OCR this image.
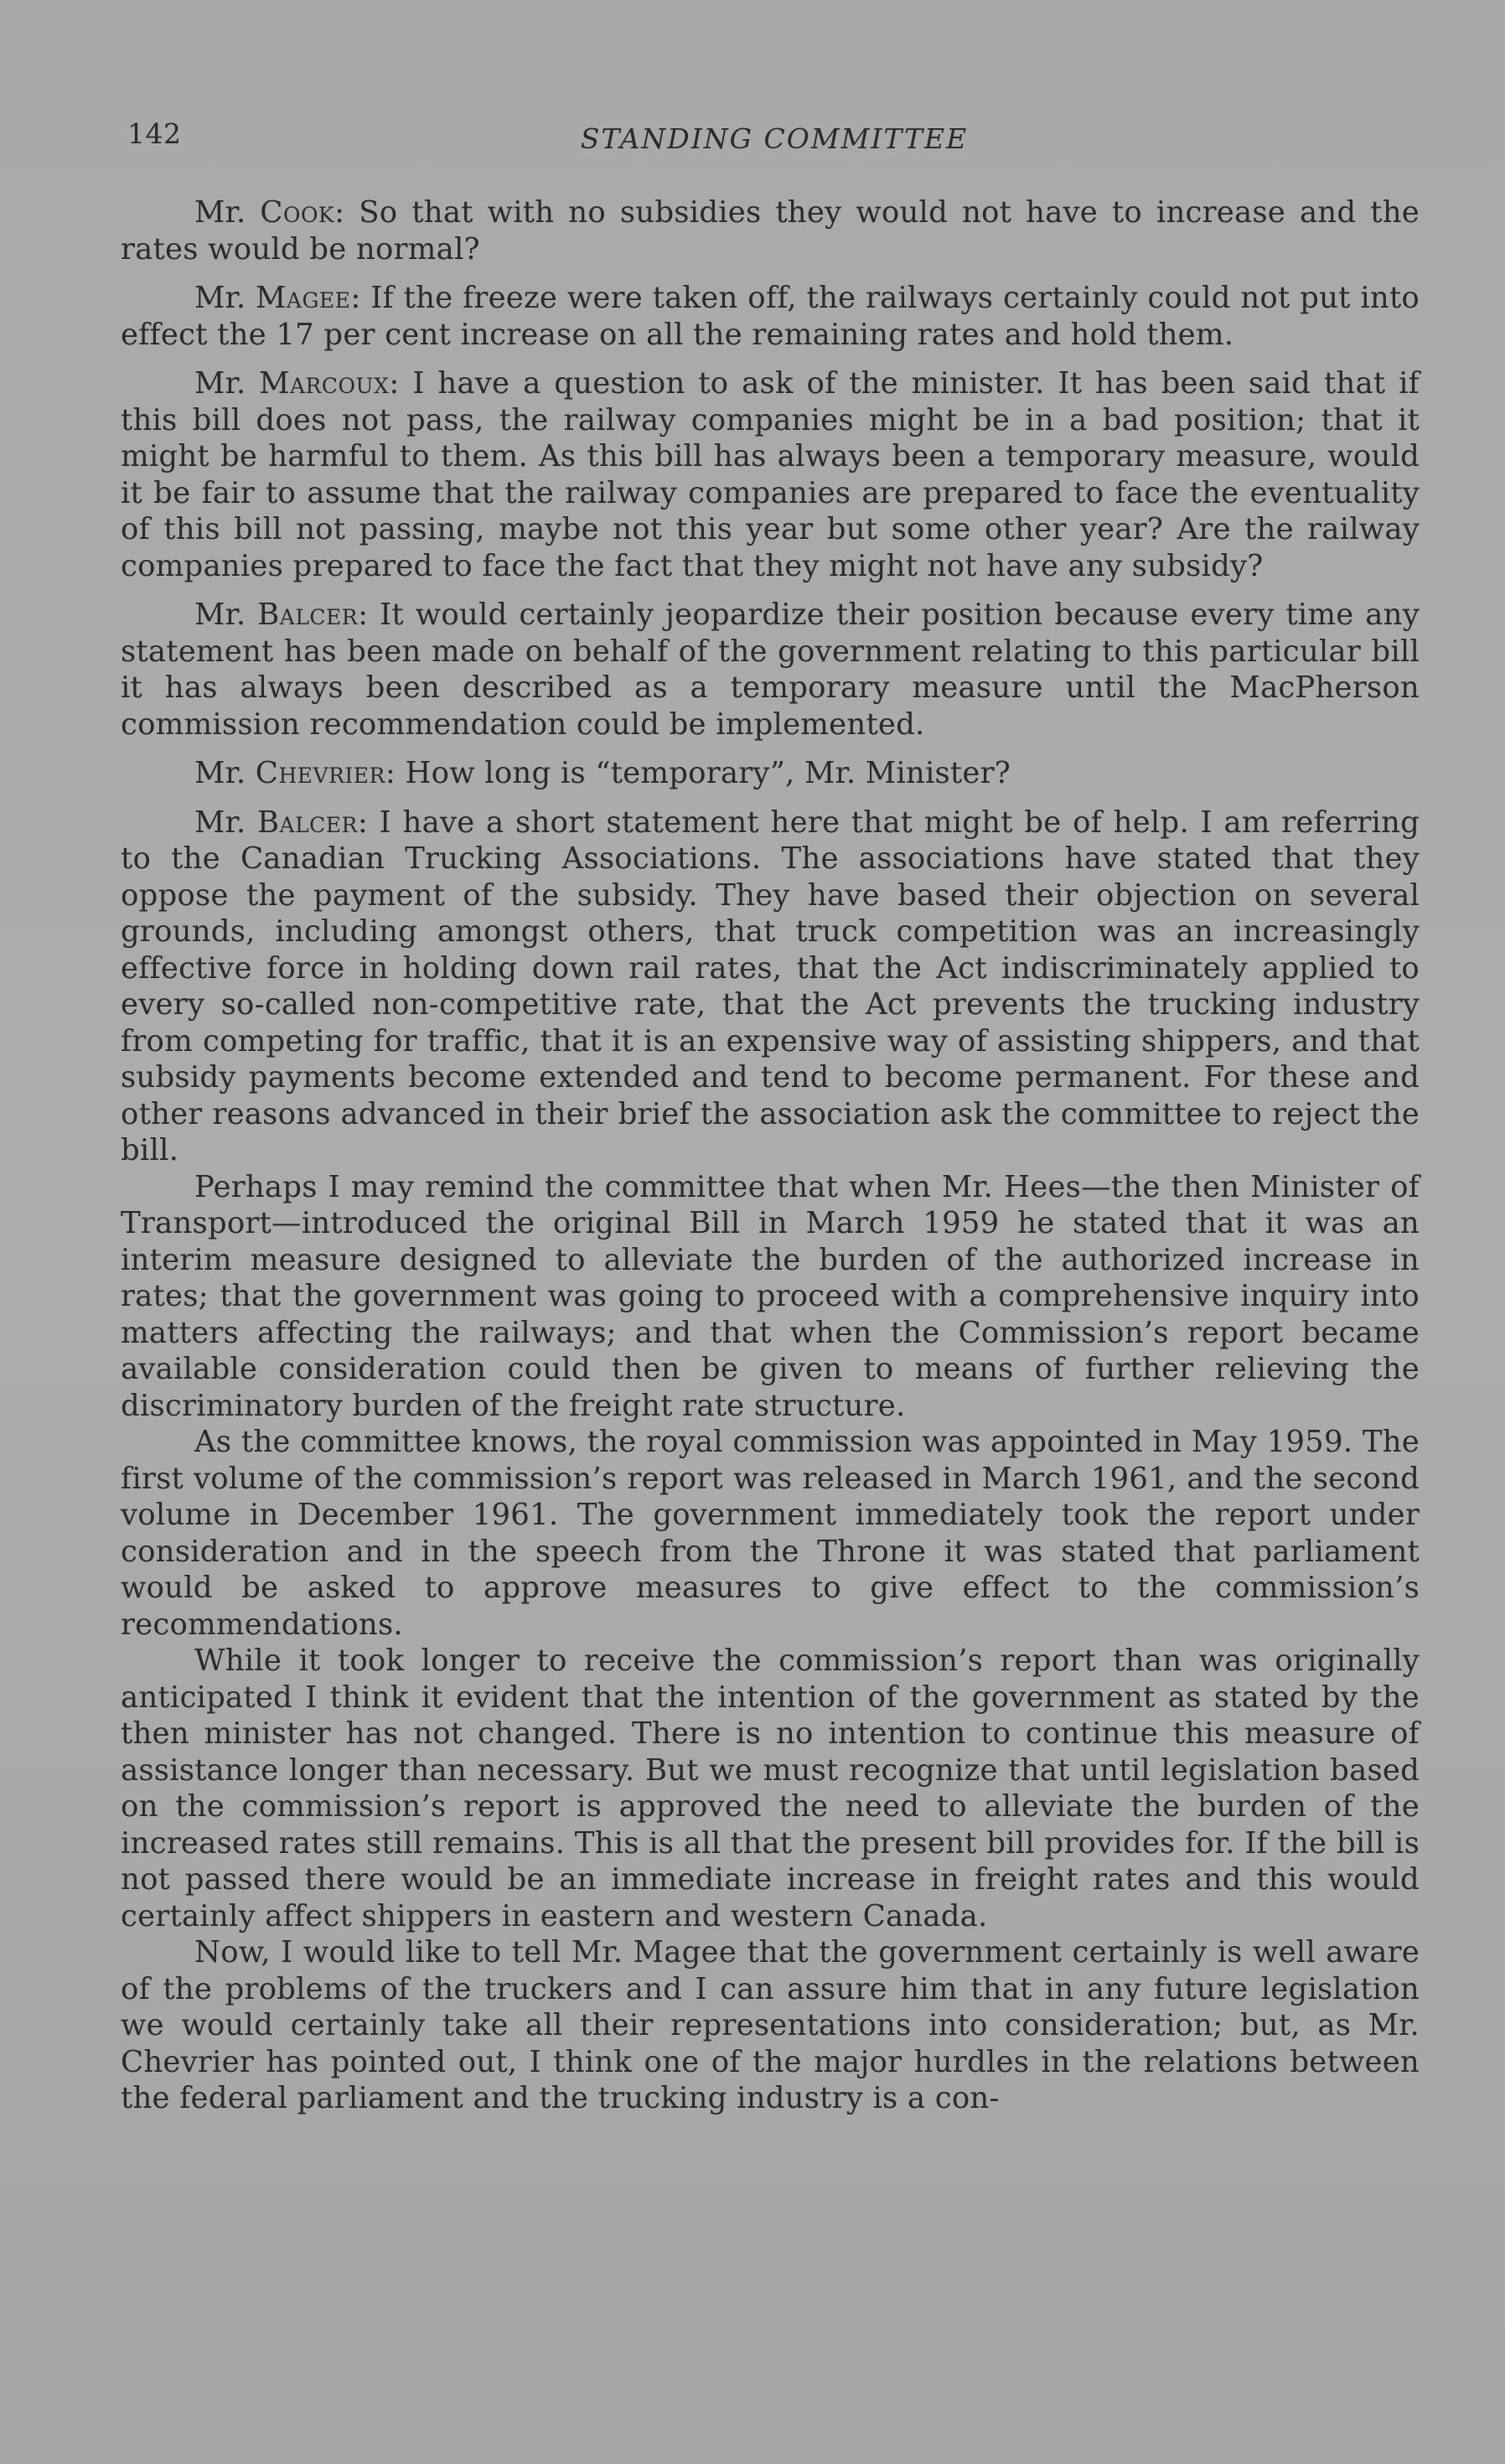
142	STANDING COMMITTEE

Mr. Cook: So that with no subsidies they would not have to increase and the rates would be normal?

Mr. Magee: If the freeze were taken off, the railways certainly could not put into effect the 17 per cent increase on all the remaining rates and hold them.

Mr. Marcoux: I have a question to ask of the minister. It has been said that if this bill does not pass, the railway companies might be in a bad position; that it might be harmful to them. As this bill has always been a temporary measure, would it be fair to assume that the railway companies are prepared to face the eventuality of this bill not passing, maybe not this year but some other year? Are the railway companies prepared to face the fact that they might not have any subsidy?

Mr. Balcer: It would certainly jeopardize their position because every time any statement has been made on behalf of the government relating to this particular bill it has always been described as a temporary measure until the MacPherson commission recommendation could be implemented.

Mr. Chevrier: How long is “temporary”, Mr. Minister?

Mr. Balcer: I have a short statement here that might be of help. I am referring to the Canadian Trucking Associations. The associations have stated that they oppose the payment of the subsidy. They have based their objection on several grounds, including amongst others, that truck competition was an increasingly effective force in holding down rail rates, that the Act indiscriminately applied to every so-called non-competitive rate, that the Act prevents the trucking industry from competing for traffic, that it is an expensive way of assisting shippers, and that subsidy payments become extended and tend to become permanent. For these and other reasons advanced in their brief the association ask the committee to reject the bill.

Perhaps I may remind the committee that when Mr. Hees—the then Minister of Transport—introduced the original Bill in March 1959 he stated that it was an interim measure designed to alleviate the burden of the authorized increase in rates; that the government was going to proceed with a comprehensive inquiry into matters affecting the railways; and that when the Commission’s report became available consideration could then be given to means of further relieving the discriminatory burden of the freight rate structure.

As the committee knows, the royal commission was appointed in May 1959. The first volume of the commission’s report was released in March 1961, and the second volume in December 1961. The government immediately took the report under consideration and in the speech from the Throne it was stated that parliament would be asked to approve measures to give effect to the commission’s recommendations.

While it took longer to receive the commission’s report than was originally anticipated I think it evident that the intention of the government as stated by the then minister has not changed. There is no intention to continue this measure of assistance longer than necessary. But we must recognize that until legislation based on the commission’s report is approved the need to alleviate the burden of the increased rates still remains. This is all that the present bill provides for. If the bill is not passed there would be an immediate increase in freight rates and this would certainly affect shippers in eastern and western Canada.

Now, I would like to tell Mr. Magee that the government certainly is well aware of the problems of the truckers and I can assure him that in any future legislation we would certainly take all their representations into consideration; but, as Mr. Chevrier has pointed out, I think one of the major hurdles in the relations between the federal parliament and the trucking industry is a con-
